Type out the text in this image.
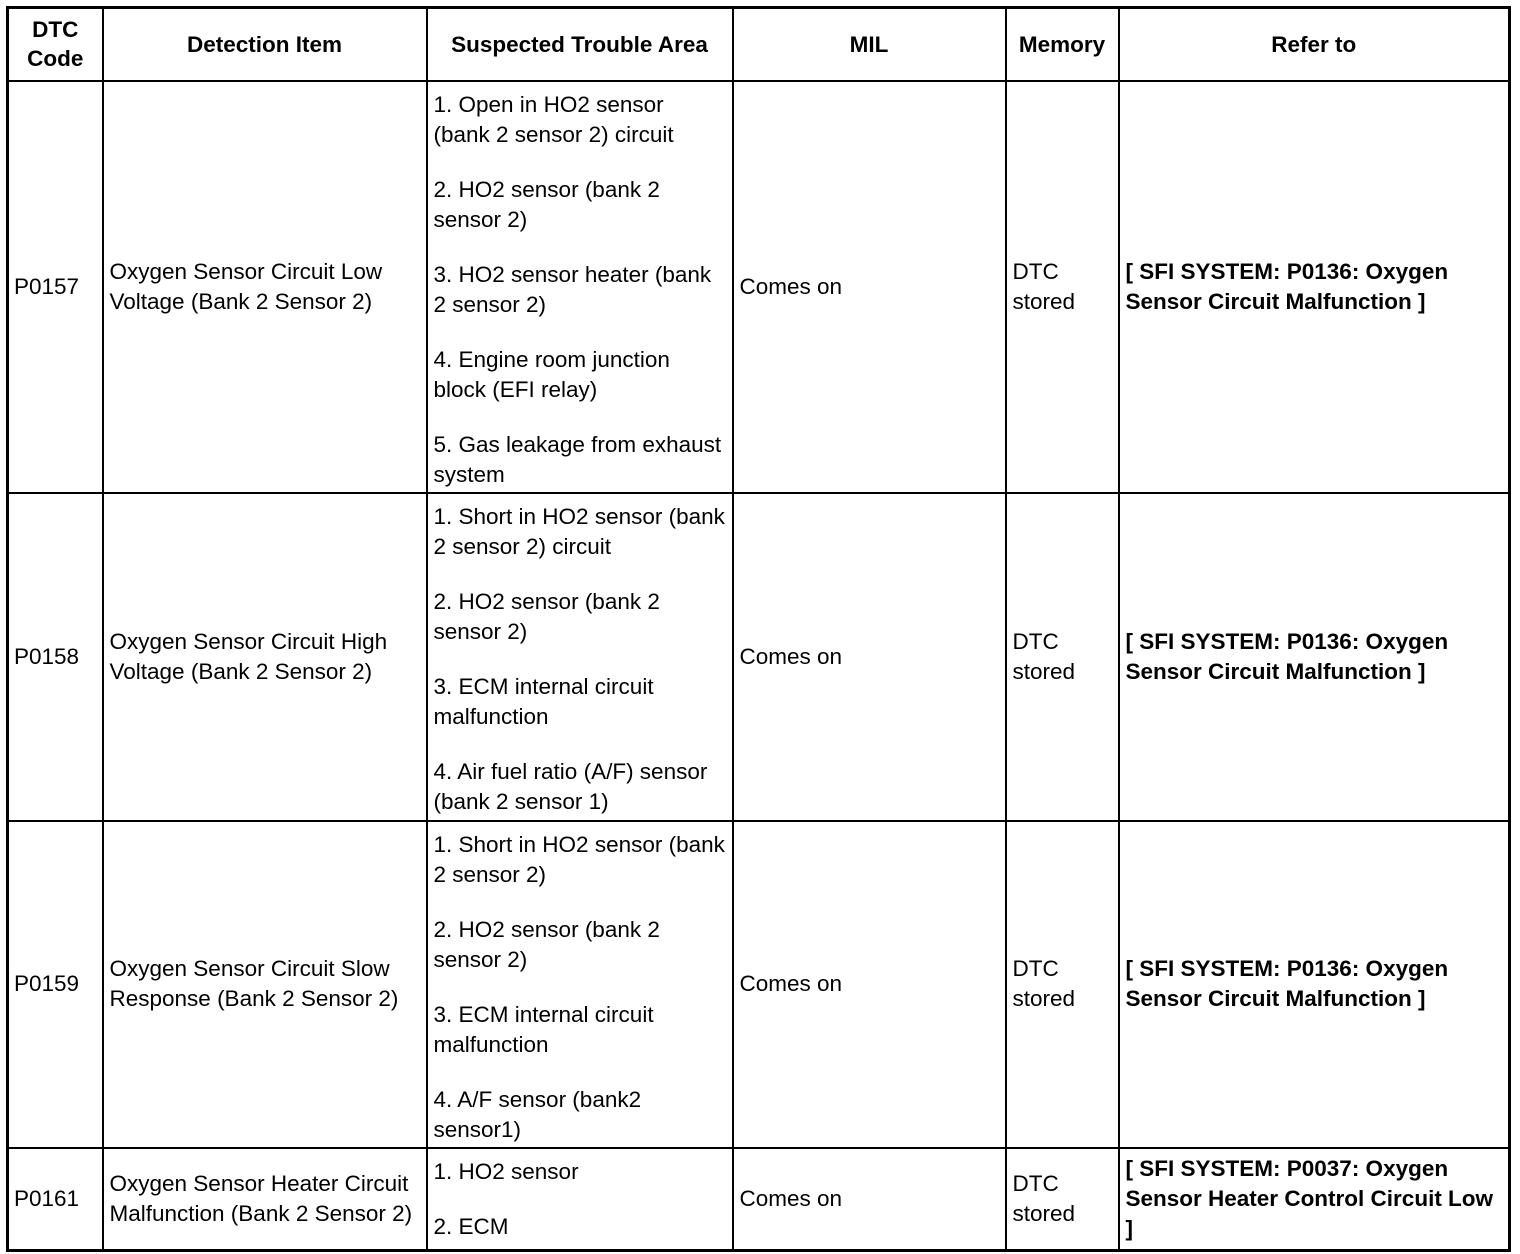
DTC Code	Detection Item	Suspected Trouble Area	MIL	Memory	Refer to
P0157	Oxygen Sensor Circuit Low Voltage (Bank 2 Sensor 2)	1. Open in HO2 sensor (bank 2 sensor 2) circuit
2. HO2 sensor (bank 2 sensor 2)
3. HO2 sensor heater (bank 2 sensor 2)
4. Engine room junction block (EFI relay)
5. Gas leakage from exhaust system	Comes on	DTC stored	[ SFI SYSTEM: P0136: Oxygen Sensor Circuit Malfunction ]
P0158	Oxygen Sensor Circuit High Voltage (Bank 2 Sensor 2)	1. Short in HO2 sensor (bank 2 sensor 2) circuit
2. HO2 sensor (bank 2 sensor 2)
3. ECM internal circuit malfunction
4. Air fuel ratio (A/F) sensor (bank 2 sensor 1)	Comes on	DTC stored	[ SFI SYSTEM: P0136: Oxygen Sensor Circuit Malfunction ]
P0159	Oxygen Sensor Circuit Slow Response (Bank 2 Sensor 2)	1. Short in HO2 sensor (bank 2 sensor 2)
2. HO2 sensor (bank 2 sensor 2)
3. ECM internal circuit malfunction
4. A/F sensor (bank2 sensor1)	Comes on	DTC stored	[ SFI SYSTEM: P0136: Oxygen Sensor Circuit Malfunction ]
P0161	Oxygen Sensor Heater Circuit Malfunction (Bank 2 Sensor 2)	1. HO2 sensor
2. ECM	Comes on	DTC stored	[ SFI SYSTEM: P0037: Oxygen Sensor Heater Control Circuit Low ]
